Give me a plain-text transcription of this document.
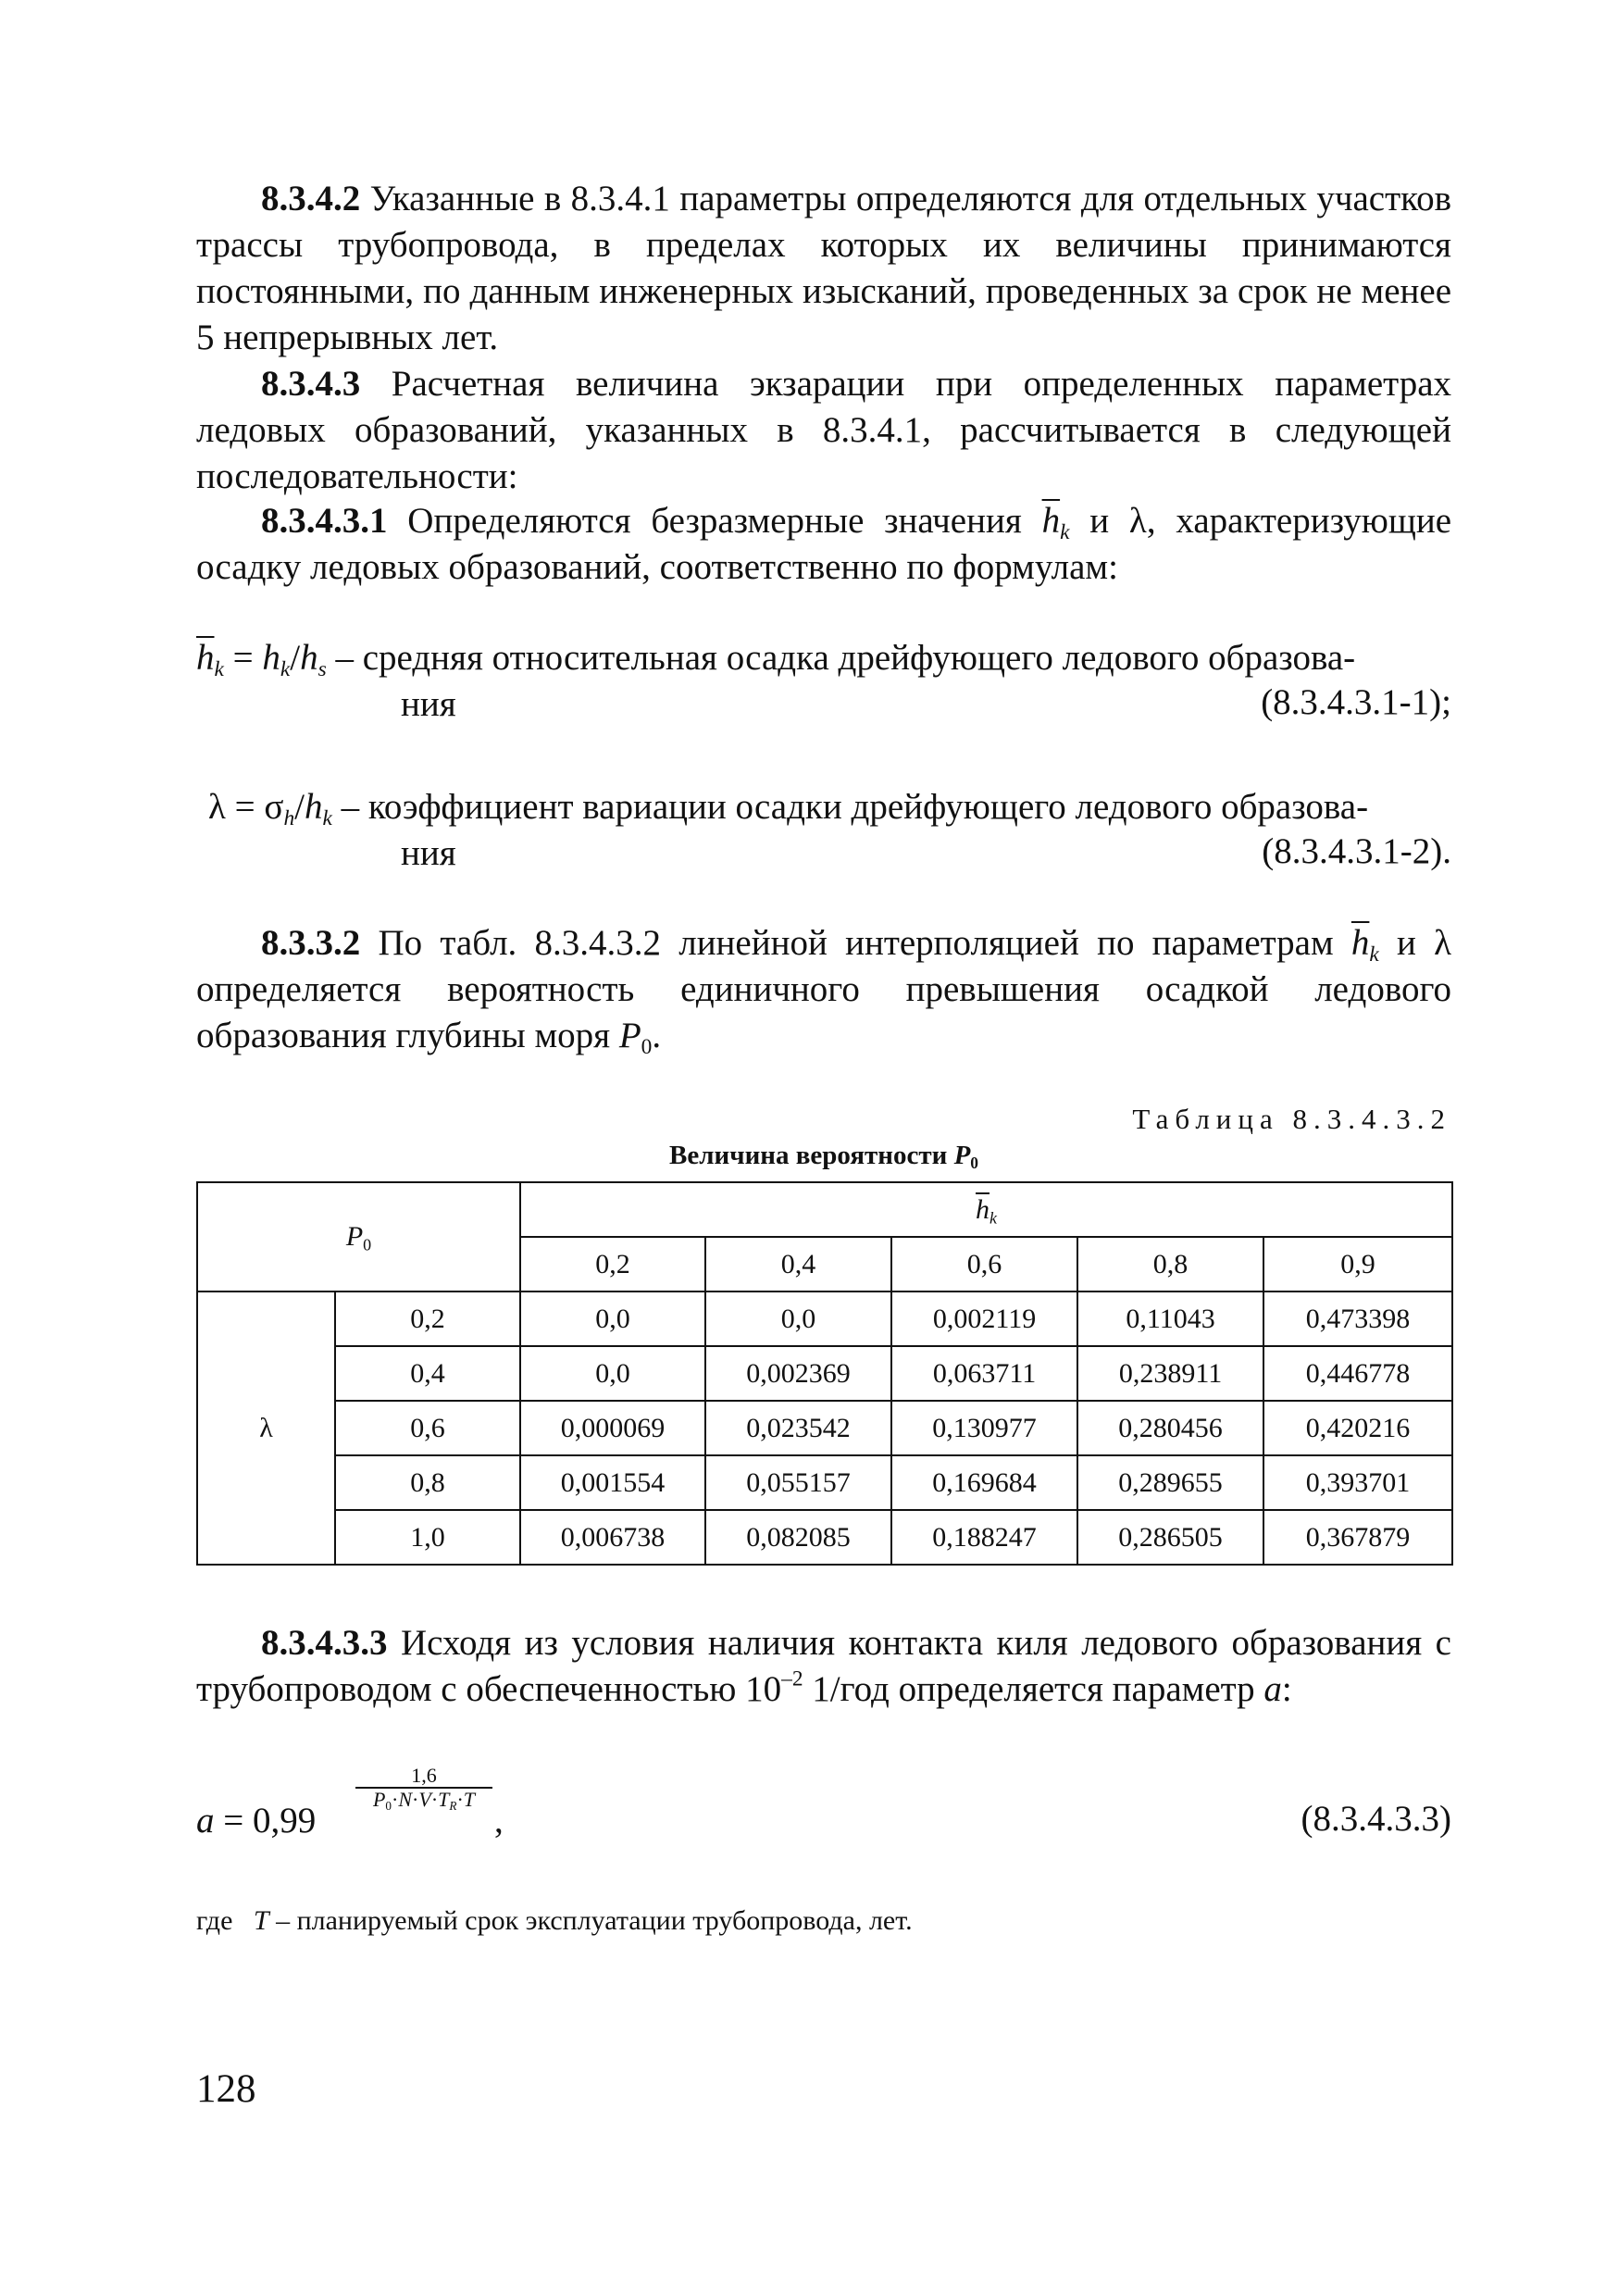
8.3.4.2 Указанные в 8.3.4.1 параметры определяются для отдельных участков трассы трубопровода, в пределах которых их величины принимаются постоянными, по данным инженерных изысканий, проведенных за срок не менее 5 непрерывных лет.

8.3.4.3 Расчетная величина экзарации при определенных параметрах ледовых образований, указанных в 8.3.4.1, рассчитывается в следующей последовательности:

8.3.4.3.1 Определяются безразмерные значения $\overline{h}_k$ и λ, характеризующие осадку ледовых образований, соответственно по формулам:

$\overline{h}_k = h_k/h_s$ – средняя относительная осадка дрейфующего ледового образова-
ния	(8.3.4.3.1-1);
$\lambda = \sigma_h/h_k$ – коэффициент вариации осадки дрейфующего ледового образова-
ния	(8.3.4.3.1-2).

8.3.3.2 По табл. 8.3.4.3.2 линейной интерполяцией по параметрам $\overline{h}_k$ и λ определяется вероятность единичного превышения осадкой ледового образования глубины моря $P_0$.

Таблица 8.3.4.3.2
Величина вероятности $P_0$
$P_0$		$\overline{h}_k$
		0,2	0,4	0,6	0,8	0,9
λ	0,2	0,0	0,0	0,002119	0,11043	0,473398
	0,4	0,0	0,002369	0,063711	0,238911	0,446778
	0,6	0,000069	0,023542	0,130977	0,280456	0,420216
	0,8	0,001554	0,055157	0,169684	0,289655	0,393701
	1,0	0,006738	0,082085	0,188247	0,286505	0,367879

8.3.4.3.3 Исходя из условия наличия контакта киля ледового образования с трубопроводом с обеспеченностью $10^{-2}$ 1/год определяется параметр a:

a = 0,99
1,6
$P_0\cdot N\cdot V\cdot T_R\cdot T$
,	(8.3.4.3.3)
где T – планируемый срок эксплуатации трубопровода, лет.
128
